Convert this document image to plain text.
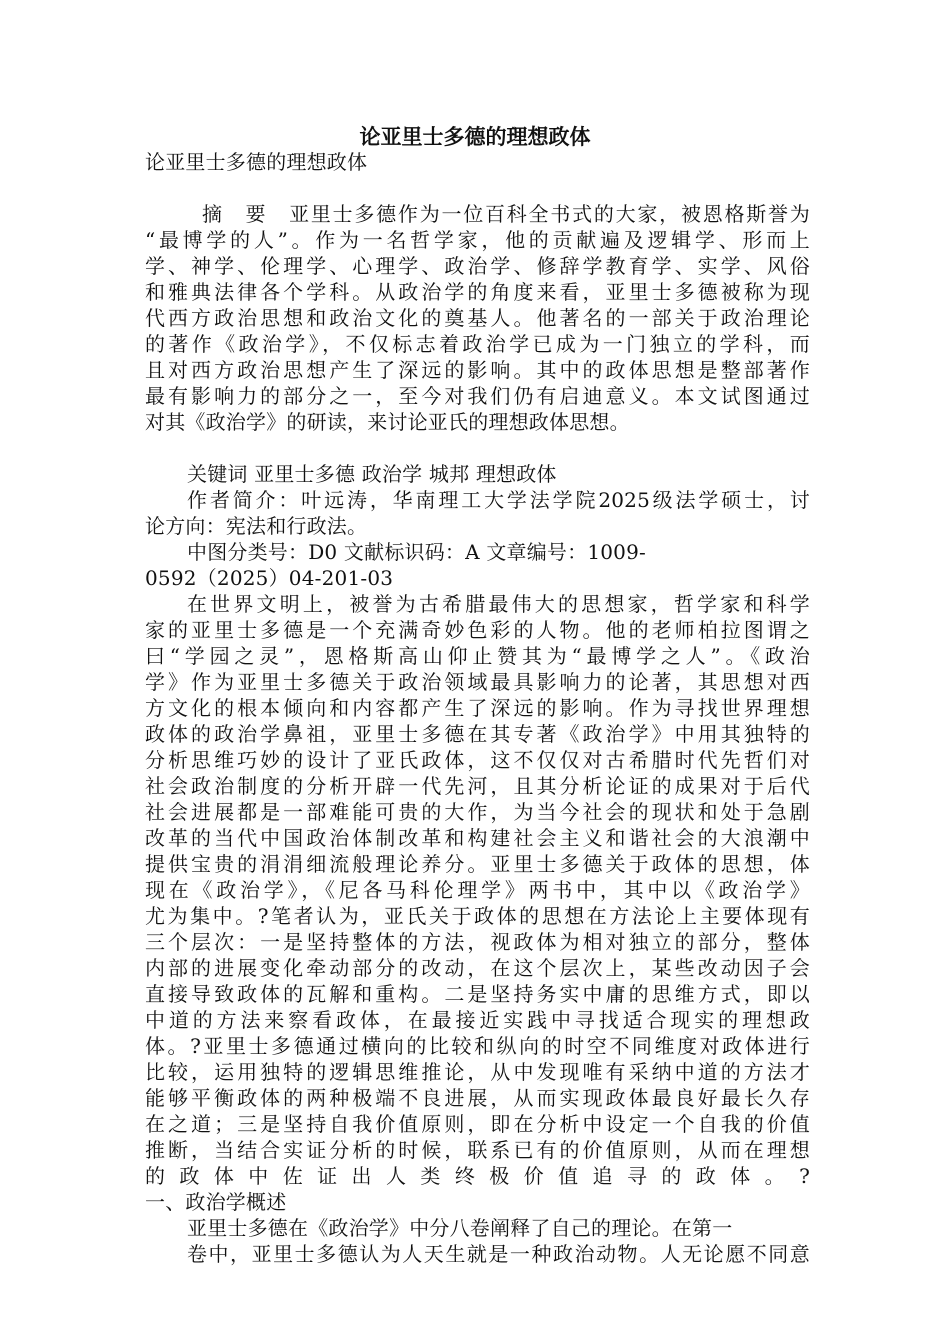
论亚里士多德的理想政体
论亚里士多德的理想政体
摘　要　亚里士多德作为一位百科全书式的大家，被恩格斯誉为
“最博学的人”。作为一名哲学家，他的贡献遍及逻辑学、形而上
学、神学、伦理学、心理学、政治学、修辞学教育学、实学、风俗
和雅典法律各个学科。从政治学的角度来看，亚里士多德被称为现
代西方政治思想和政治文化的奠基人。他著名的一部关于政治理论
的著作《政治学》，不仅标志着政治学已成为一门独立的学科，而
且对西方政治思想产生了深远的影响。其中的政体思想是整部著作
最有影响力的部分之一，至今对我们仍有启迪意义。本文试图通过
对其《政治学》的研读，来讨论亚氏的理想政体思想。
关键词 亚里士多德 政治学 城邦 理想政体
作者简介：叶远涛，华南理工大学法学院2025级法学硕士，讨
论方向：宪法和行政法。
中图分类号：D0 文献标识码：A 文章编号：1009-
0592（2025）04-201-03
在世界文明上，被誉为古希腊最伟大的思想家，哲学家和科学
家的亚里士多德是一个充满奇妙色彩的人物。他的老师柏拉图谓之
曰“学园之灵”，恩格斯高山仰止赞其为“最博学之人”。《政治
学》作为亚里士多德关于政治领域最具影响力的论著，其思想对西
方文化的根本倾向和内容都产生了深远的影响。作为寻找世界理想
政体的政治学鼻祖，亚里士多德在其专著《政治学》中用其独特的
分析思维巧妙的设计了亚氏政体，这不仅仅对古希腊时代先哲们对
社会政治制度的分析开辟一代先河，且其分析论证的成果对于后代
社会进展都是一部难能可贵的大作，为当今社会的现状和处于急剧
改革的当代中国政治体制改革和构建社会主义和谐社会的大浪潮中
提供宝贵的涓涓细流般理论养分。亚里士多德关于政体的思想，体
现在《政治学》，《尼各马科伦理学》两书中，其中以《政治学》
尤为集中。?笔者认为，亚氏关于政体的思想在方法论上主要体现有
三个层次：一是坚持整体的方法，视政体为相对独立的部分，整体
内部的进展变化牵动部分的改动，在这个层次上，某些改动因子会
直接导致政体的瓦解和重构。二是坚持务实中庸的思维方式，即以
中道的方法来察看政体，在最接近实践中寻找适合现实的理想政
体。?亚里士多德通过横向的比较和纵向的时空不同维度对政体进行
比较，运用独特的逻辑思维推论，从中发现唯有采纳中道的方法才
能够平衡政体的两种极端不良进展，从而实现政体最良好最长久存
在之道；三是坚持自我价值原则，即在分析中设定一个自我的价值
推断，当结合实证分析的时候，联系已有的价值原则，从而在理想
的政体中佐证出人类终极价值追寻的政体。?
一、政治学概述
亚里士多德在《政治学》中分八卷阐释了自己的理论。在第一
卷中，亚里士多德认为人天生就是一种政治动物。人无论愿不同意
